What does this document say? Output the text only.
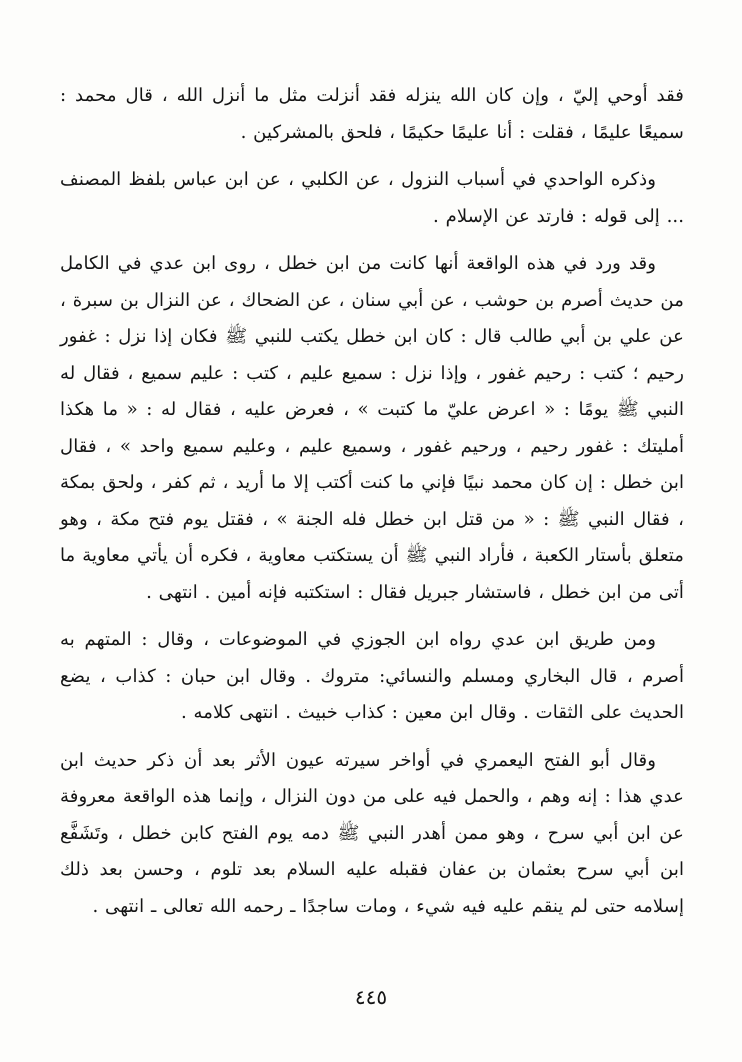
فقد أوحي إليّ ، وإن كان الله ينزله فقد أنزلت مثل ما أنزل الله ، قال محمد : سميعًا عليمًا ، فقلت : أنا عليمًا حكيمًا ، فلحق بالمشركين .

وذكره الواحدي في أسباب النزول ، عن الكلبي ، عن ابن عباس بلفظ المصنف ... إلى قوله : فارتد عن الإسلام .

وقد ورد في هذه الواقعة أنها كانت من ابن خطل ، روى ابن عدي في الكامل من حديث أصرم بن حوشب ، عن أبي سنان ، عن الضحاك ، عن النزال بن سبرة ، عن علي بن أبي طالب قال : كان ابن خطل يكتب للنبي ﷺ فكان إذا نزل : غفور رحيم ؛ كتب : رحيم غفور ، وإذا نزل : سميع عليم ، كتب : عليم سميع ، فقال له النبي ﷺ يومًا : « اعرض عليّ ما كتبت » ، فعرض عليه ، فقال له : « ما هكذا أمليتك : غفور رحيم ، ورحيم غفور ، وسميع عليم ، وعليم سميع واحد » ، فقال ابن خطل : إن كان محمد نبيًا فإني ما كنت أكتب إلا ما أريد ، ثم كفر ، ولحق بمكة ، فقال النبي ﷺ : « من قتل ابن خطل فله الجنة » ، فقتل يوم فتح مكة ، وهو متعلق بأستار الكعبة ، فأراد النبي ﷺ أن يستكتب معاوية ، فكره أن يأتي معاوية ما أتى من ابن خطل ، فاستشار جبريل فقال : استكتبه فإنه أمين . انتهى .

ومن طريق ابن عدي رواه ابن الجوزي في الموضوعات ، وقال : المتهم به أصرم ، قال البخاري ومسلم والنسائي: متروك . وقال ابن حبان : كذاب ، يضع الحديث على الثقات . وقال ابن معين : كذاب خبيث . انتهى كلامه .

وقال أبو الفتح اليعمري في أواخر سيرته عيون الأثر بعد أن ذكر حديث ابن عدي هذا : إنه وهم ، والحمل فيه على من دون النزال ، وإنما هذه الواقعة معروفة عن ابن أبي سرح ، وهو ممن أهدر النبي ﷺ دمه يوم الفتح كابن خطل ، وتَشَفَّع ابن أبي سرح بعثمان بن عفان فقبله عليه السلام بعد تلوم ، وحسن بعد ذلك إسلامه حتى لم ينقم عليه فيه شيء ، ومات ساجدًا ـ رحمه الله تعالى ـ انتهى .

٤٤٥
